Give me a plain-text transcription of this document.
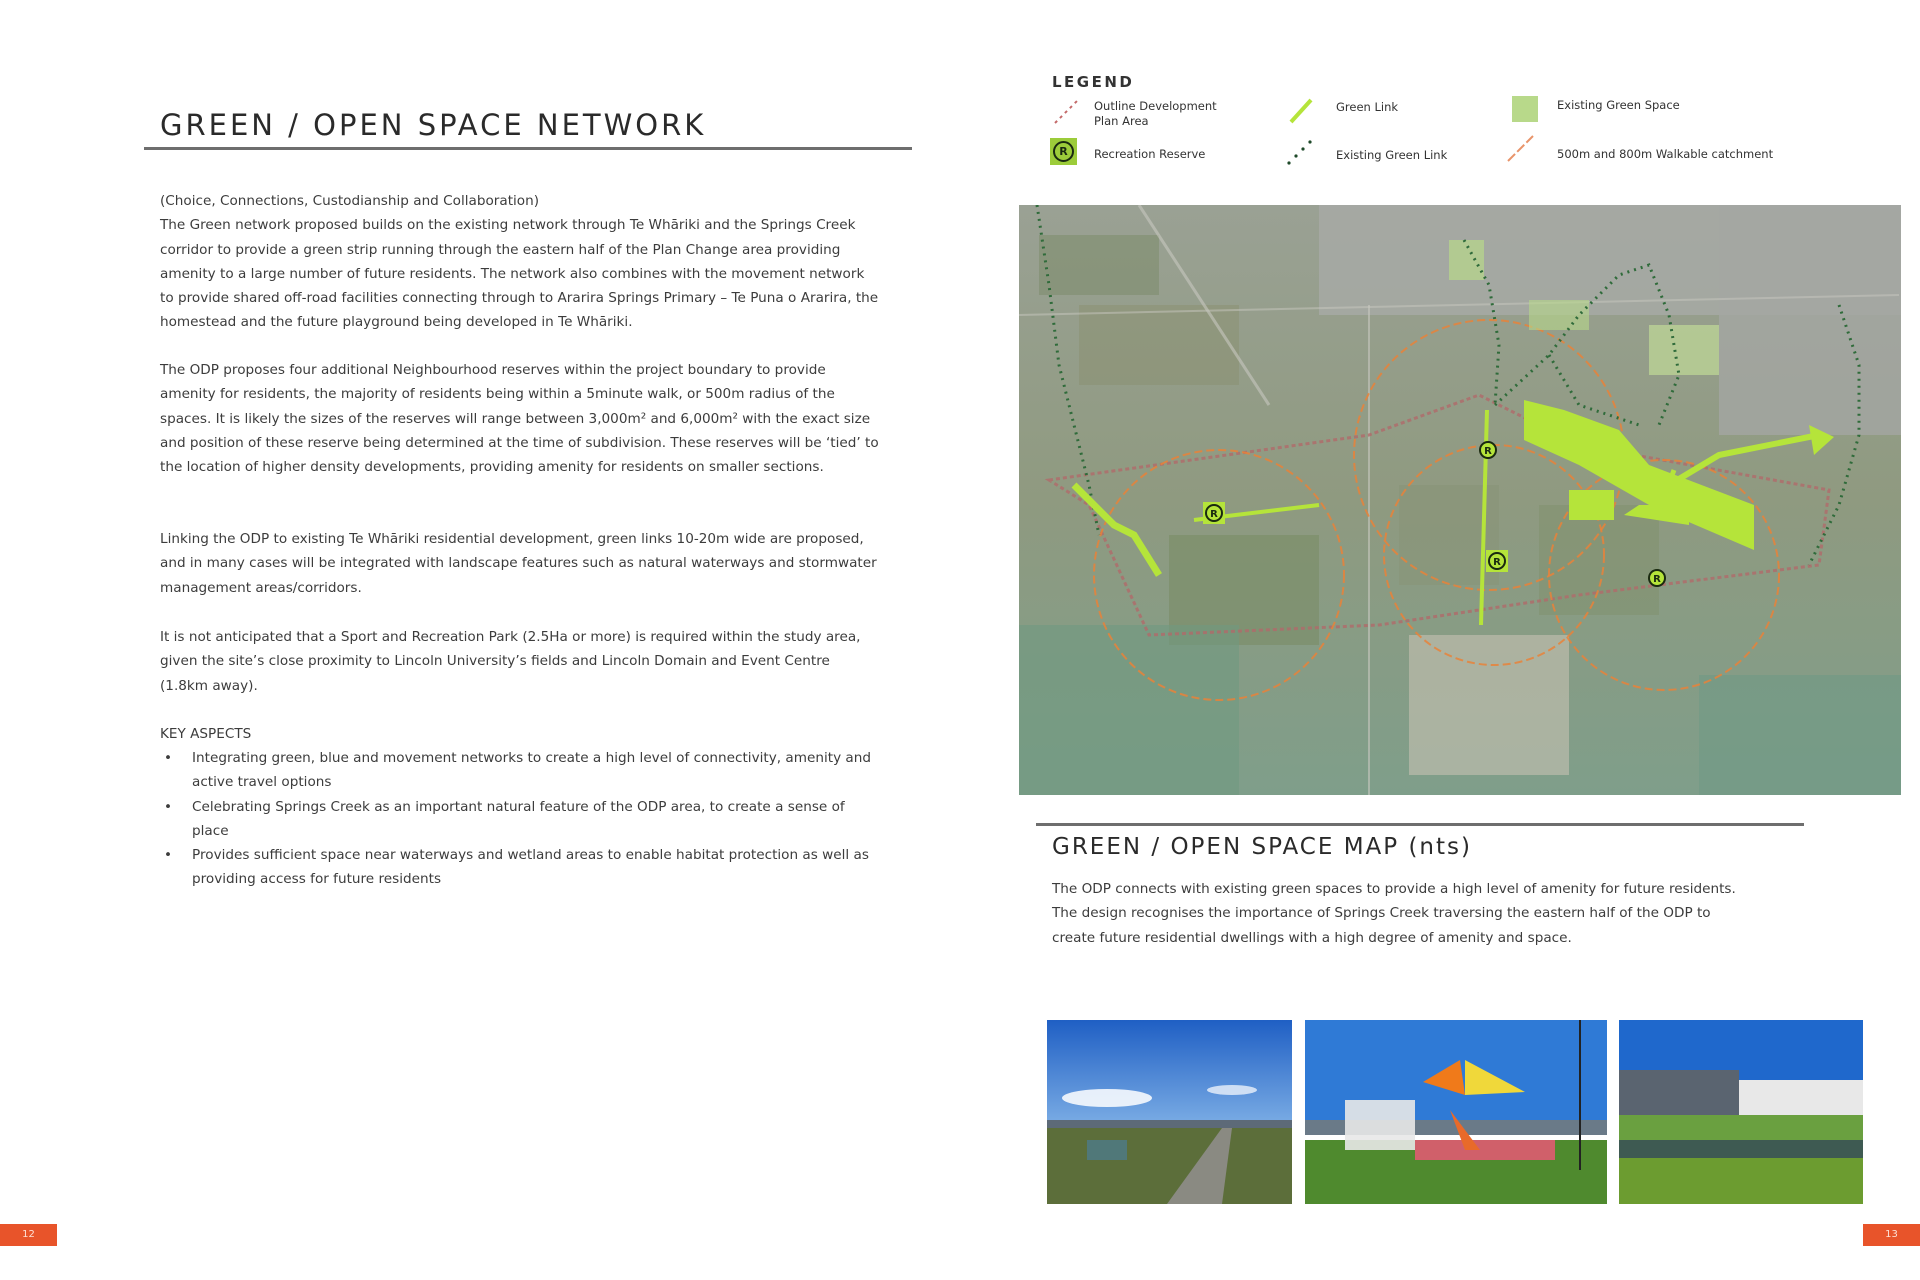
GREEN / OPEN SPACE NETWORK

(Choice, Connections, Custodianship and Collaboration)

The Green network proposed builds on the existing network through Te Whāriki and the Springs Creek corridor to provide a green strip running through the eastern half of the Plan Change area providing amenity to a large number of future residents. The network also combines with the movement network to provide shared off-road facilities connecting through to Ararira Springs Primary – Te Puna o Ararira, the homestead and the future playground being developed in Te Whāriki.

The ODP proposes four additional Neighbourhood reserves within the project boundary to provide amenity for residents, the majority of residents being within a 5minute walk, or 500m radius of the spaces. It is likely the sizes of the reserves will range between 3,000m² and 6,000m² with the exact size and position of these reserve being determined at the time of subdivision. These reserves will be ‘tied’ to the location of higher density developments, providing amenity for residents on smaller sections.
Linking the ODP to existing Te Whāriki residential development, green links 10-20m wide are proposed, and in many cases will be integrated with landscape features such as natural waterways and stormwater management areas/corridors.
It is not anticipated that a Sport and Recreation Park (2.5Ha or more) is required within the study area, given the site’s close proximity to Lincoln University’s fields and Lincoln Domain and Event Centre (1.8km away).
KEY ASPECTS
• Integrating green, blue and movement networks to create a high level of connectivity, amenity and active travel options
• Celebrating Springs Creek as an important natural feature of the ODP area, to create a sense of place
• Provides sufficient space near waterways and wetland areas to enable habitat protection as well as providing access for future residents
12
LEGEND
Outline Development
Plan Area
Green Link	Existing Green Space
R	Recreation Reserve	Existing Green Link	500m and 800m Walkable catchment
R
R
R
R
GREEN / OPEN SPACE MAP (nts)

The ODP connects with existing green spaces to provide a high level of amenity for future residents.

The design recognises the importance of Springs Creek traversing the eastern half of the ODP to

create future residential dwellings with a high degree of amenity and space.

13
